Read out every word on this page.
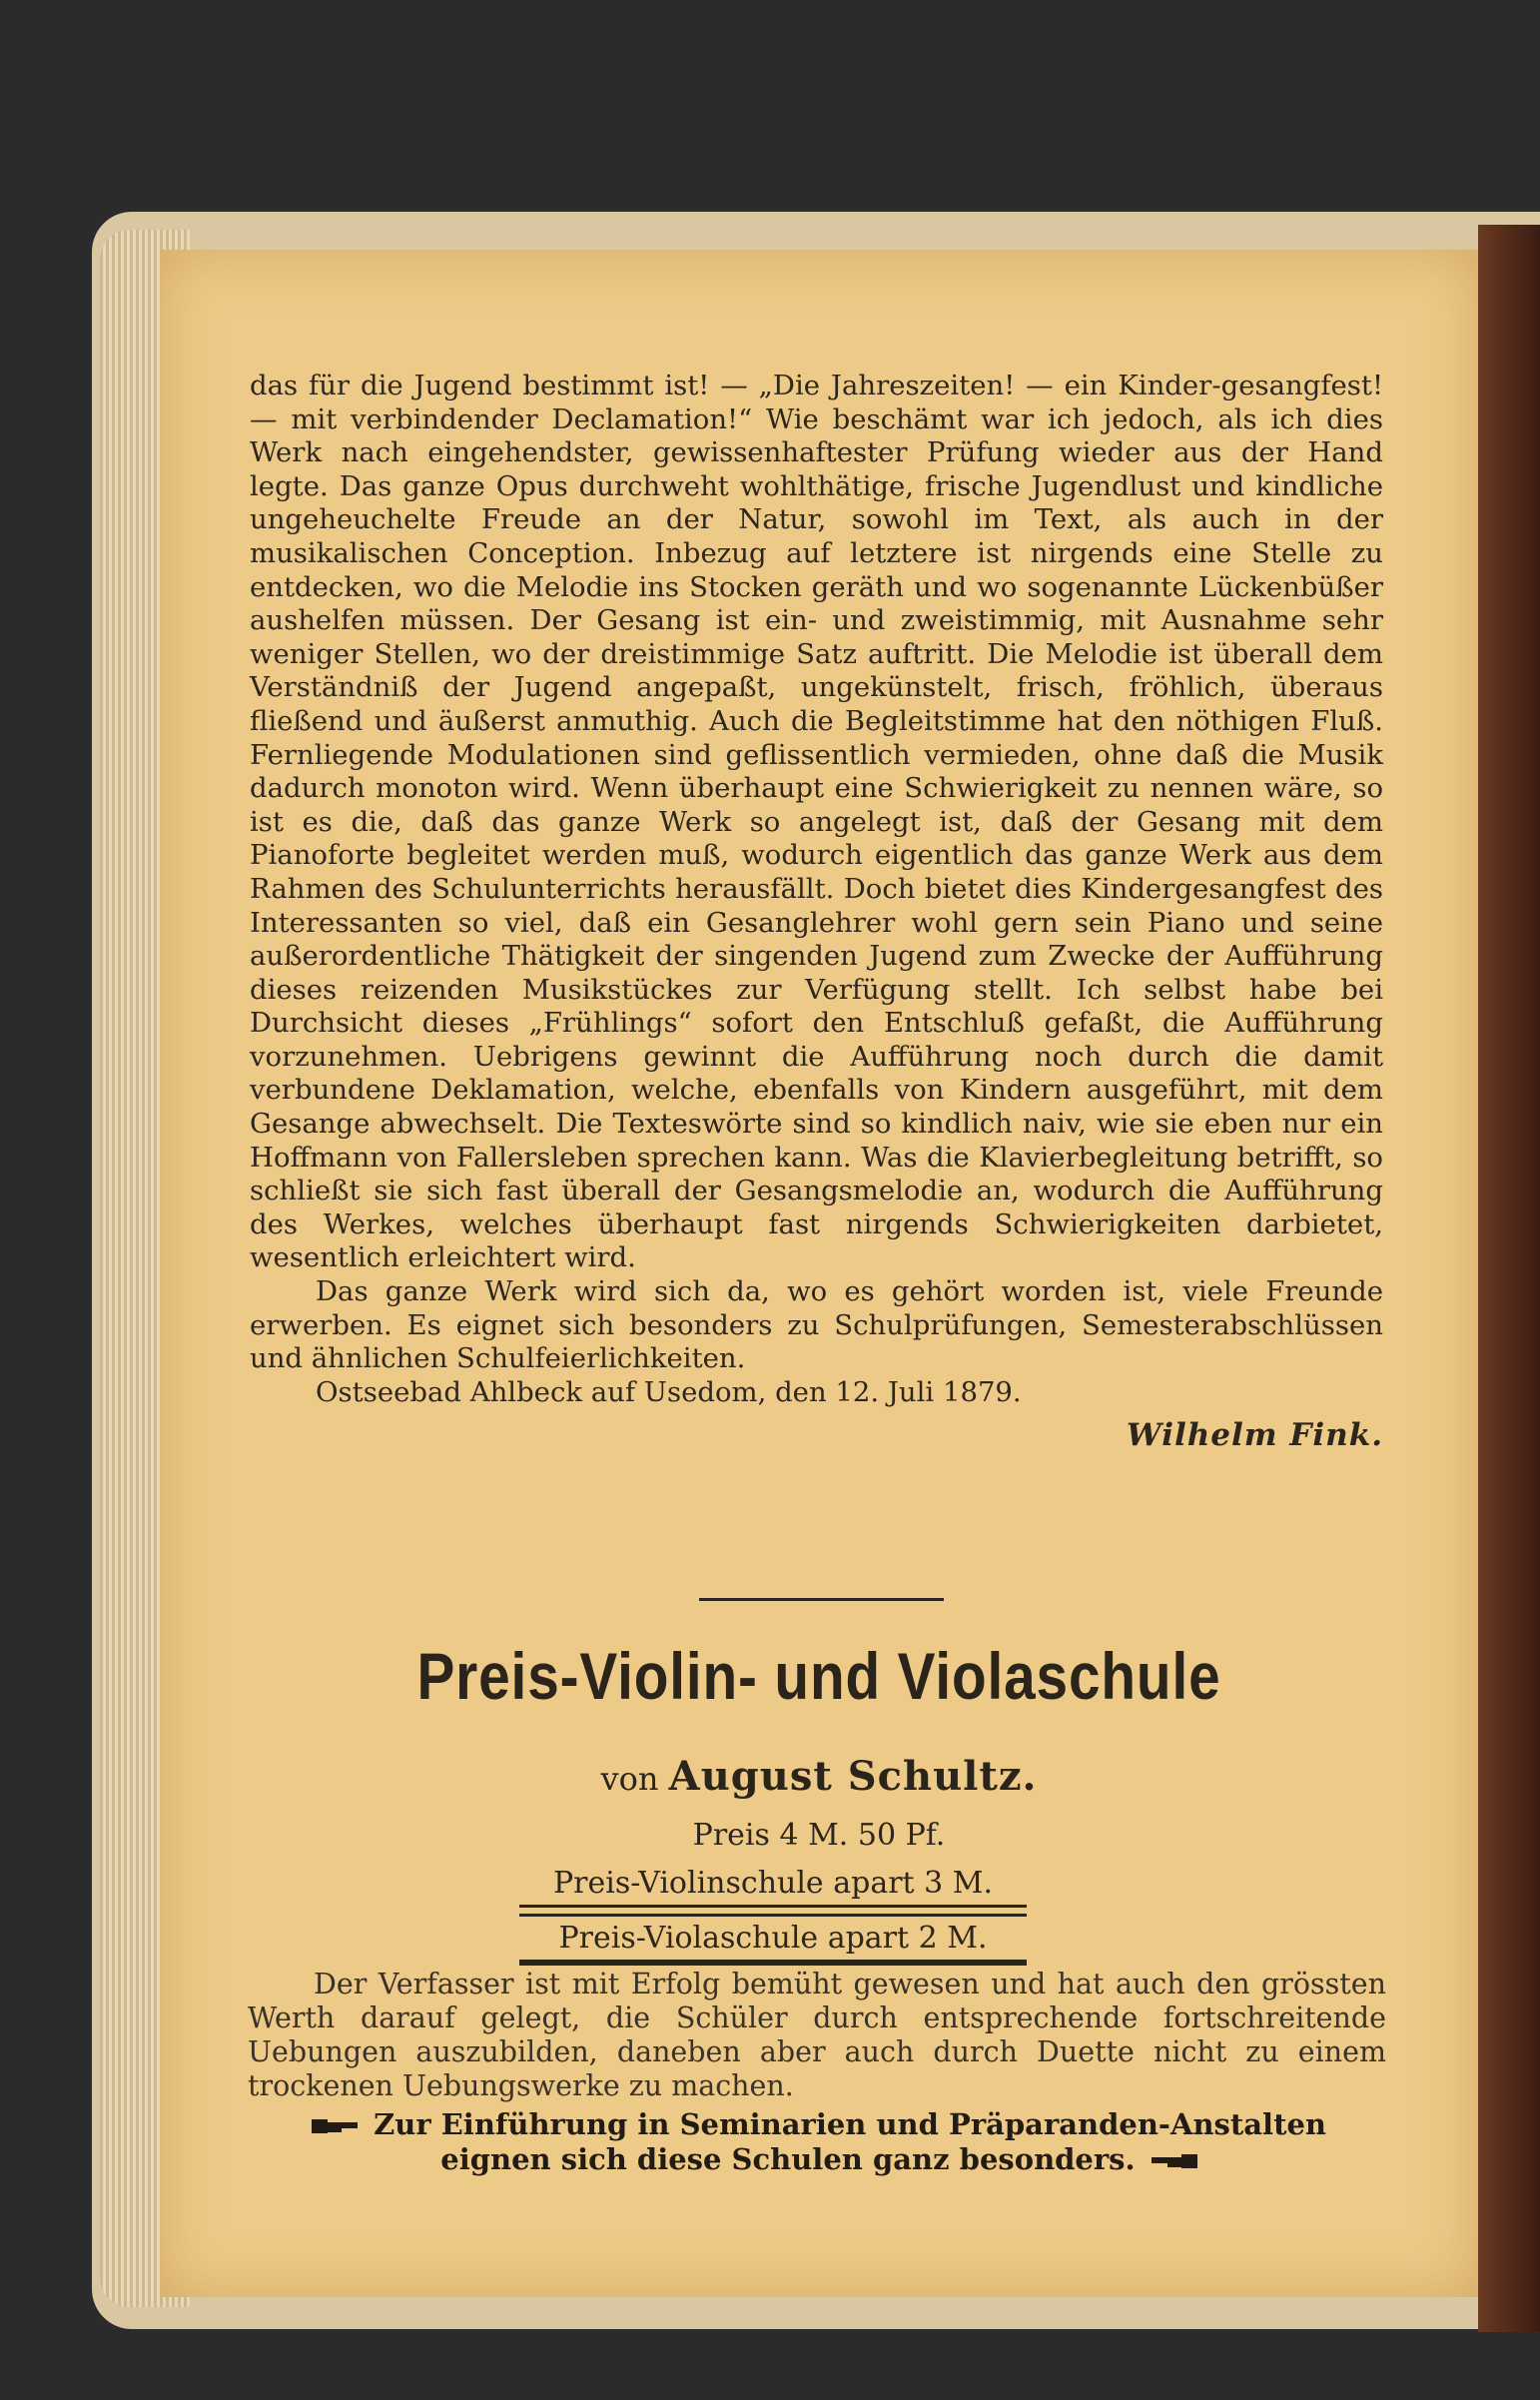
das für die Jugend bestimmt ist! — „Die Jahreszeiten! — ein Kinder-gesangfest! — mit verbindender Declamation!“ Wie beschämt war ich jedoch, als ich dies Werk nach eingehendster, gewissenhaftester Prüfung wieder aus der Hand legte. Das ganze Opus durchweht wohlthätige, frische Jugendlust und kindliche ungeheuchelte Freude an der Natur, sowohl im Text, als auch in der musikalischen Conception. Inbezug auf letztere ist nirgends eine Stelle zu entdecken, wo die Melodie ins Stocken geräth und wo sogenannte Lückenbüßer aushelfen müssen. Der Gesang ist ein- und zweistimmig, mit Ausnahme sehr weniger Stellen, wo der dreistimmige Satz auftritt. Die Melodie ist überall dem Verständniß der Jugend angepaßt, ungekünstelt, frisch, fröhlich, überaus fließend und äußerst anmuthig. Auch die Begleitstimme hat den nöthigen Fluß. Fernliegende Modulationen sind geflissentlich vermieden, ohne daß die Musik dadurch monoton wird. Wenn überhaupt eine Schwierigkeit zu nennen wäre, so ist es die, daß das ganze Werk so angelegt ist, daß der Gesang mit dem Pianoforte begleitet werden muß, wodurch eigentlich das ganze Werk aus dem Rahmen des Schulunterrichts herausfällt. Doch bietet dies Kindergesangfest des Interessanten so viel, daß ein Gesanglehrer wohl gern sein Piano und seine außerordentliche Thätigkeit der singenden Jugend zum Zwecke der Aufführung dieses reizenden Musikstückes zur Verfügung stellt. Ich selbst habe bei Durchsicht dieses „Frühlings“ sofort den Entschluß gefaßt, die Aufführung vorzunehmen. Uebrigens gewinnt die Aufführung noch durch die damit verbundene Deklamation, welche, ebenfalls von Kindern ausgeführt, mit dem Gesange abwechselt. Die Texteswörte sind so kindlich naiv, wie sie eben nur ein Hoffmann von Fallersleben sprechen kann. Was die Klavierbegleitung betrifft, so schließt sie sich fast überall der Gesangsmelodie an, wodurch die Aufführung des Werkes, welches überhaupt fast nirgends Schwierigkeiten darbietet, wesentlich erleichtert wird.

Das ganze Werk wird sich da, wo es gehört worden ist, viele Freunde erwerben. Es eignet sich besonders zu Schulprüfungen, Semesterabschlüssen und ähnlichen Schulfeierlichkeiten.

Ostseebad Ahlbeck auf Usedom, den 12. Juli 1879.

Wilhelm Fink.
Preis-Violin- und Violaschule
von August Schultz.
Preis 4 M. 50 Pf.
Preis-Violinschule apart 3 M.
Preis-Violaschule apart 2 M.
Der Verfasser ist mit Erfolg bemüht gewesen und hat auch den grössten Werth darauf gelegt, die Schüler durch entsprechende fortschreitende Uebungen auszubilden, daneben aber auch durch Duette nicht zu einem trockenen Uebungswerke zu machen.
Zur Einführung in Seminarien und Präparanden-Anstalten
eignen sich diese Schulen ganz besonders.
